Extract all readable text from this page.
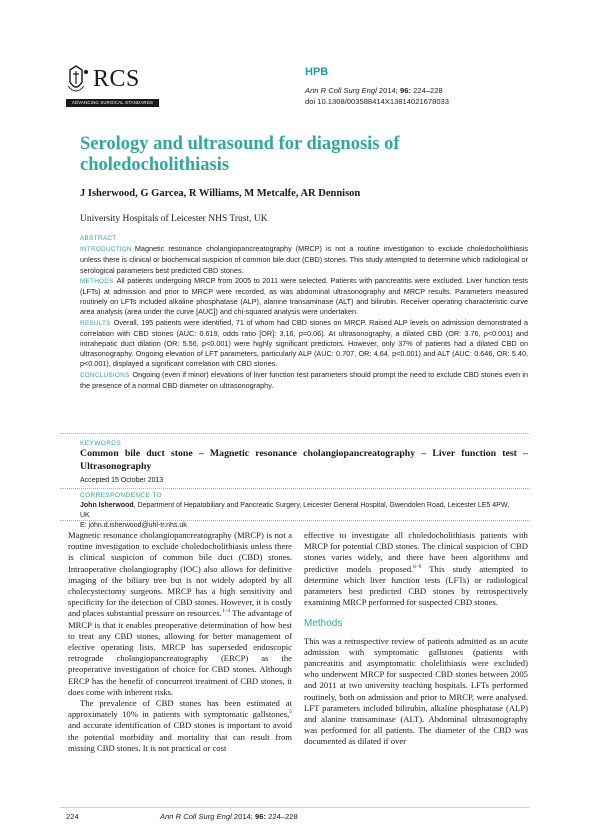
RCS
ADVANCING SURGICAL STANDARDS
HPB
Ann R Coll Surg Engl 2014; 96: 224–228
doi 10.1308/003588414X13814021678033
Serology and ultrasound for diagnosis of choledocholithiasis
J Isherwood, G Garcea, R Williams, M Metcalfe, AR Dennison
University Hospitals of Leicester NHS Trust, UK
ABSTRACT

INTRODUCTION Magnetic resonance cholangiopancreatography (MRCP) is not a routine investigation to exclude choledocholithiasis unless there is clinical or biochemical suspicion of common bile duct (CBD) stones. This study attempted to determine which radiological or serological parameters best predicted CBD stones.

METHODS All patients undergoing MRCP from 2005 to 2011 were selected. Patients with pancreatitis were excluded. Liver function tests (LFTs) at admission and prior to MRCP were recorded, as was abdominal ultrasonography and MRCP results. Parameters measured routinely on LFTs included alkaline phosphatase (ALP), alanine transaminase (ALT) and bilirubin. Receiver operating characteristic curve area analysis (area under the curve [AUC]) and chi-squared analysis were undertaken.

RESULTS Overall, 195 patients were identified, 71 of whom had CBD stones on MRCP. Raised ALP levels on admission demonstrated a correlation with CBD stones (AUC: 0.619, odds ratio [OR]: 3.16, p=0.06). At ultrasonography, a dilated CBD (OR: 3.76, p<0.001) and intrahepatic duct dilation (OR: 5.56, p<0.001) were highly significant predictors. However, only 37% of patients had a dilated CBD on ultrasonography. Ongoing elevation of LFT parameters, particularly ALP (AUC: 0.707, OR: 4.64, p<0.001) and ALT (AUC: 0.646, OR: 5.40, p<0.001), displayed a significant correlation with CBD stones.

CONCLUSIONS Ongoing (even if minor) elevations of liver function test parameters should prompt the need to exclude CBD stones even in the presence of a normal CBD diameter on ultrasonography.

KEYWORDS
Common bile duct stone – Magnetic resonance cholangiopancreatography – Liver function test – Ultrasonography
Accepted 15 October 2013
CORRESPONDENCE TO
John Isherwood, Department of Hepatobiliary and Pancreatic Surgery, Leicester General Hospital, Gwendolen Road, Leicester LE5 4PW, UK
E: john.d.isherwood@uhl-tr.nhs.uk

Magnetic resonance cholangiopancreatography (MRCP) is not a routine investigation to exclude choledocholithiasis unless there is clinical suspicion of common bile duct (CBD) stones. Intraoperative cholangiography (IOC) also allows for definitive imaging of the biliary tree but is not widely adopted by all cholecystectomy surgeons. MRCP has a high sensitivity and specificity for the detection of CBD stones. However, it is costly and places substantial pressure on resources.$^{1-4}$ The advantage of MRCP is that it enables preoperative determination of how best to treat any CBD stones, allowing for better management of elective operating lists. MRCP has superseded endoscopic retrograde cholangiopancreatography (ERCP) as the preoperative investigation of choice for CBD stones. Although ERCP has the benefit of concurrent treatment of CBD stones, it does come with inherent risks.

The prevalence of CBD stones has been estimated at approximately 10% in patients with symptomatic gallstones,$^5$ and accurate identification of CBD stones is important to avoid the potential morbidity and mortality that can result from missing CBD stones. It is not practical or cost

effective to investigate all choledocholithiasis patients with MRCP for potential CBD stones. The clinical suspicion of CBD stones varies widely, and there have been algorithms and predictive models proposed.$^{6-9}$ This study attempted to determine which liver function tests (LFTs) or radiological parameters best predicted CBD stones by retrospectively examining MRCP performed for suspected CBD stones.

Methods

This was a retrospective review of patients admitted as an acute admission with symptomatic gallstones (patients with pancreatitis and asymptomatic cholelithiasis were excluded) who underwent MRCP for suspected CBD stones between 2005 and 2011 at two university teaching hospitals. LFTs performed routinely, both on admission and prior to MRCP, were analysed. LFT parameters included bilirubin, alkaline phosphatase (ALP) and alanine transaminase (ALT). Abdominal ultrasonography was performed for all patients. The diameter of the CBD was documented as dilated if over

224	Ann R Coll Surg Engl 2014; 96: 224–228
